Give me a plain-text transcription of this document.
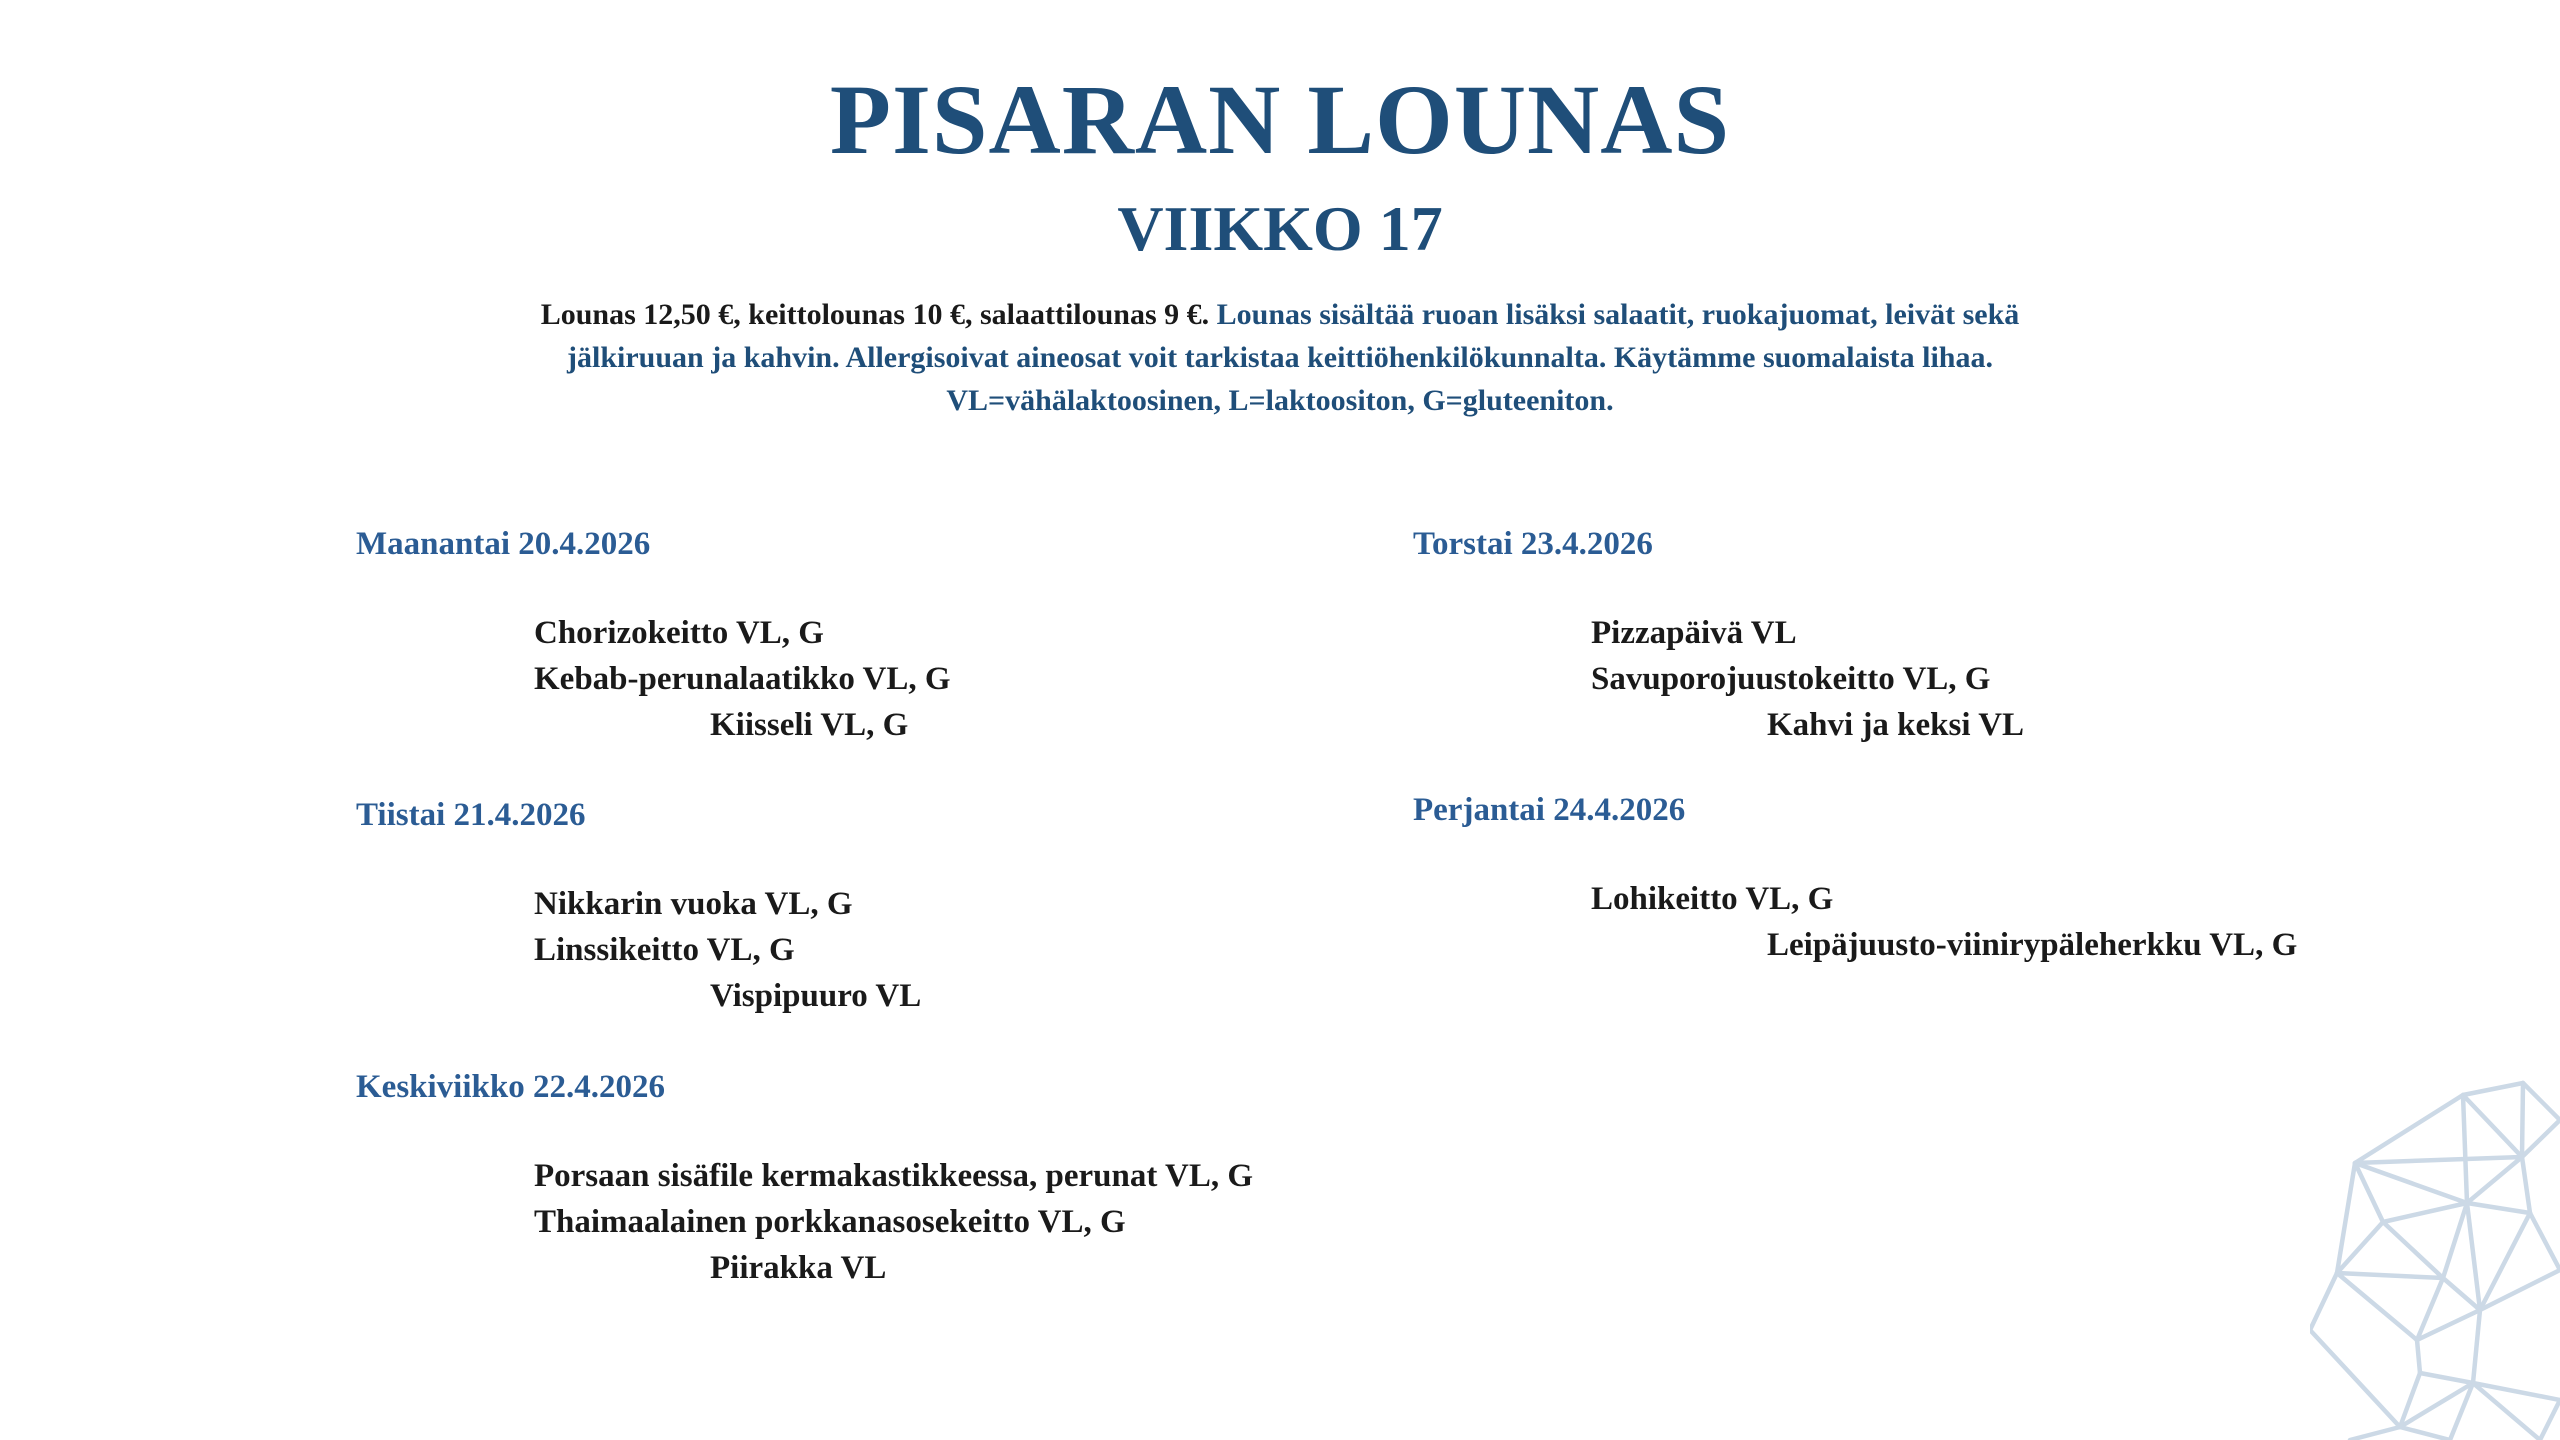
PISARAN LOUNAS
VIIKKO 17
Lounas 12,50 €, keittolounas 10 €, salaattilounas 9 €. Lounas sisältää ruoan lisäksi salaatit, ruokajuomat, leivät sekä
jälkiruuan ja kahvin. Allergisoivat aineosat voit tarkistaa keittiöhenkilökunnalta. Käytämme suomalaista lihaa.
VL=vähälaktoosinen, L=laktoositon, G=gluteeniton.
Maanantai 20.4.2026
Chorizokeitto VL, G
Kebab-perunalaatikko VL, G
Kiisseli VL, G
Tiistai 21.4.2026
Nikkarin vuoka VL, G
Linssikeitto VL, G
Vispipuuro VL
Keskiviikko 22.4.2026
Porsaan sisäfile kermakastikkeessa, perunat VL, G
Thaimaalainen porkkanasosekeitto VL, G
Piirakka VL
Torstai 23.4.2026
Pizzapäivä VL
Savuporojuustokeitto VL, G
Kahvi ja keksi VL
Perjantai 24.4.2026
Lohikeitto VL, G
Leipäjuusto-viinirypäleherkku VL, G
